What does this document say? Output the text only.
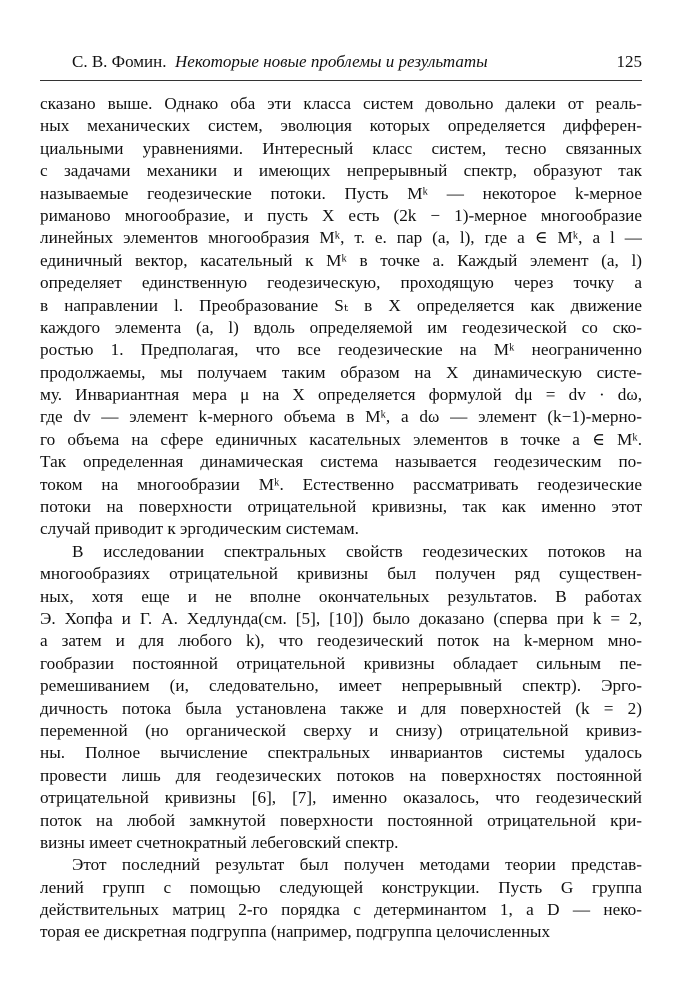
С. В. Фомин. Некоторые новые проблемы и результаты	125
сказано выше. Однако оба эти класса систем довольно далеки от реаль-
ных механических систем, эволюция которых определяется дифферен-
циальными уравнениями. Интересный класс систем, тесно связанных
с задачами механики и имеющих непрерывный спектр, образуют так
называемые геодезические потоки. Пусть Mᵏ — некоторое k-мерное
риманово многообразие, и пусть X есть (2k − 1)-мерное многообразие
линейных элементов многообразия Mᵏ, т. е. пар (a, l), где a ∈ Mᵏ, а l —
единичный вектор, касательный к Mᵏ в точке a. Каждый элемент (a, l)
определяет единственную геодезическую, проходящую через точку a
в направлении l. Преобразование Sₜ в X определяется как движение
каждого элемента (a, l) вдоль определяемой им геодезической со ско-
ростью 1. Предполагая, что все геодезические на Mᵏ неограниченно
продолжаемы, мы получаем таким образом на X динамическую систе-
му. Инвариантная мера μ на X определяется формулой dμ = dv · dω,
где dv — элемент k-мерного объема в Mᵏ, а dω — элемент (k−1)-мерно-
го объема на сфере единичных касательных элементов в точке a ∈ Mᵏ.
Так определенная динамическая система называется геодезическим по-
током на многообразии Mᵏ. Естественно рассматривать геодезические
потоки на поверхности отрицательной кривизны, так как именно этот
случай приводит к эргодическим системам.
В исследовании спектральных свойств геодезических потоков на
многообразиях отрицательной кривизны был получен ряд существен-
ных, хотя еще и не вполне окончательных результатов. В работах
Э. Хопфа и Г. А. Хедлунда(см. [5], [10]) было доказано (сперва при k = 2,
а затем и для любого k), что геодезический поток на k-мерном мно-
гообразии постоянной отрицательной кривизны обладает сильным пе-
ремешиванием (и, следовательно, имеет непрерывный спектр). Эрго-
дичность потока была установлена также и для поверхностей (k = 2)
переменной (но органической сверху и снизу) отрицательной кривиз-
ны. Полное вычисление спектральных инвариантов системы удалось
провести лишь для геодезических потоков на поверхностях постоянной
отрицательной кривизны [6], [7], именно оказалось, что геодезический
поток на любой замкнутой поверхности постоянной отрицательной кри-
визны имеет счетнократный лебеговский спектр.
Этот последний результат был получен методами теории представ-
лений групп с помощью следующей конструкции. Пусть G группа
действительных матриц 2-го порядка с детерминантом 1, а D — неко-
торая ее дискретная подгруппа (например, подгруппа целочисленных
